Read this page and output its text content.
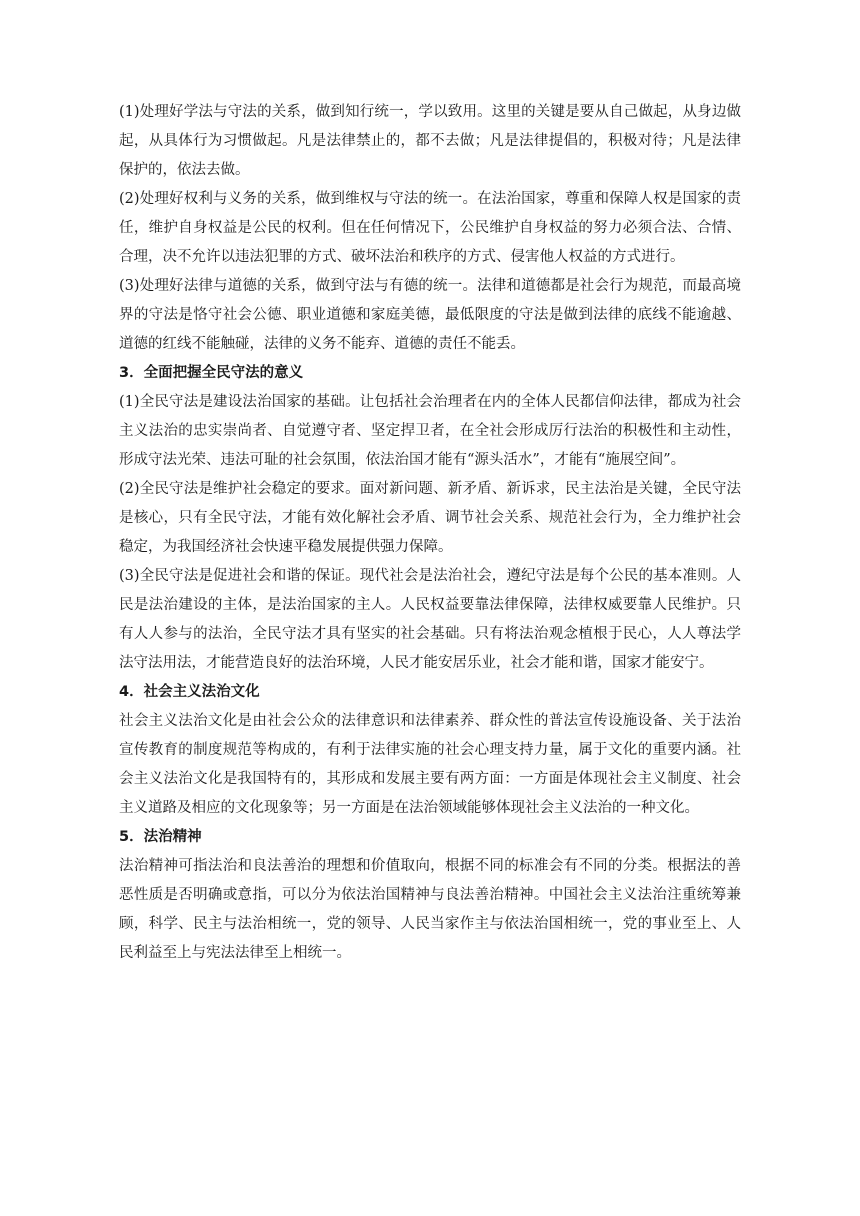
(1)处理好学法与守法的关系，做到知行统一，学以致用。这里的关键是要从自己做起，从身边做起，从具体行为习惯做起。凡是法律禁止的，都不去做；凡是法律提倡的，积极对待；凡是法律保护的，依法去做。

(2)处理好权利与义务的关系，做到维权与守法的统一。在法治国家，尊重和保障人权是国家的责任，维护自身权益是公民的权利。但在任何情况下，公民维护自身权益的努力必须合法、合情、合理，决不允许以违法犯罪的方式、破坏法治和秩序的方式、侵害他人权益的方式进行。

(3)处理好法律与道德的关系，做到守法与有德的统一。法律和道德都是社会行为规范，而最高境界的守法是恪守社会公德、职业道德和家庭美德，最低限度的守法是做到法律的底线不能逾越、道德的红线不能触碰，法律的义务不能弃、道德的责任不能丢。

3．全面把握全民守法的意义

(1)全民守法是建设法治国家的基础。让包括社会治理者在内的全体人民都信仰法律，都成为社会主义法治的忠实崇尚者、自觉遵守者、坚定捍卫者，在全社会形成厉行法治的积极性和主动性，形成守法光荣、违法可耻的社会氛围，依法治国才能有“源头活水”，才能有“施展空间”。

(2)全民守法是维护社会稳定的要求。面对新问题、新矛盾、新诉求，民主法治是关键，全民守法是核心，只有全民守法，才能有效化解社会矛盾、调节社会关系、规范社会行为，全力维护社会稳定，为我国经济社会快速平稳发展提供强力保障。

(3)全民守法是促进社会和谐的保证。现代社会是法治社会，遵纪守法是每个公民的基本准则。人民是法治建设的主体，是法治国家的主人。人民权益要靠法律保障，法律权威要靠人民维护。只有人人参与的法治，全民守法才具有坚实的社会基础。只有将法治观念植根于民心，人人尊法学法守法用法，才能营造良好的法治环境，人民才能安居乐业，社会才能和谐，国家才能安宁。

4．社会主义法治文化

社会主义法治文化是由社会公众的法律意识和法律素养、群众性的普法宣传设施设备、关于法治宣传教育的制度规范等构成的，有利于法律实施的社会心理支持力量，属于文化的重要内涵。社会主义法治文化是我国特有的，其形成和发展主要有两方面：一方面是体现社会主义制度、社会主义道路及相应的文化现象等；另一方面是在法治领域能够体现社会主义法治的一种文化。

5．法治精神

法治精神可指法治和良法善治的理想和价值取向，根据不同的标准会有不同的分类。根据法的善恶性质是否明确或意指，可以分为依法治国精神与良法善治精神。中国社会主义法治注重统筹兼顾，科学、民主与法治相统一，党的领导、人民当家作主与依法治国相统一，党的事业至上、人民利益至上与宪法法律至上相统一。
